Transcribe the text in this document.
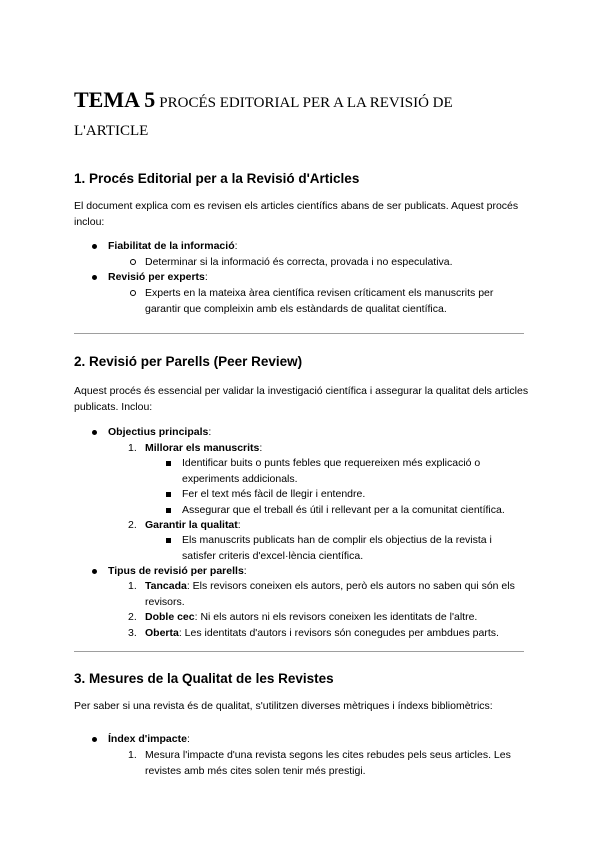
TEMA 5 PROCÉS EDITORIAL PER A LA REVISIÓ DE
L'ARTICLE
1. Procés Editorial per a la Revisió d'Articles

El document explica com es revisen els articles científics abans de ser publicats. Aquest procés inclou:

Fiabilitat de la informació:
Determinar si la informació és correcta, provada i no especulativa.
Revisió per experts:
Experts en la mateixa àrea científica revisen críticament els manuscrits per garantir que compleixin amb els estàndards de qualitat científica.
2. Revisió per Parells (Peer Review)

Aquest procés és essencial per validar la investigació científica i assegurar la qualitat dels articles publicats. Inclou:

Objectius principals:
1. Millorar els manuscrits:
Identificar buits o punts febles que requereixen més explicació o experiments addicionals.
Fer el text més fàcil de llegir i entendre.
Assegurar que el treball és útil i rellevant per a la comunitat científica.
2. Garantir la qualitat:
Els manuscrits publicats han de complir els objectius de la revista i satisfer criteris d'excel·lència científica.
Tipus de revisió per parells:
1. Tancada: Els revisors coneixen els autors, però els autors no saben qui són els revisors.
2. Doble cec: Ni els autors ni els revisors coneixen les identitats de l'altre.
3. Oberta: Les identitats d'autors i revisors són conegudes per ambdues parts.
3. Mesures de la Qualitat de les Revistes

Per saber si una revista és de qualitat, s'utilitzen diverses mètriques i índexs bibliomètrics:

Índex d'impacte:
1. Mesura l'impacte d'una revista segons les cites rebudes pels seus articles. Les revistes amb més cites solen tenir més prestigi.
